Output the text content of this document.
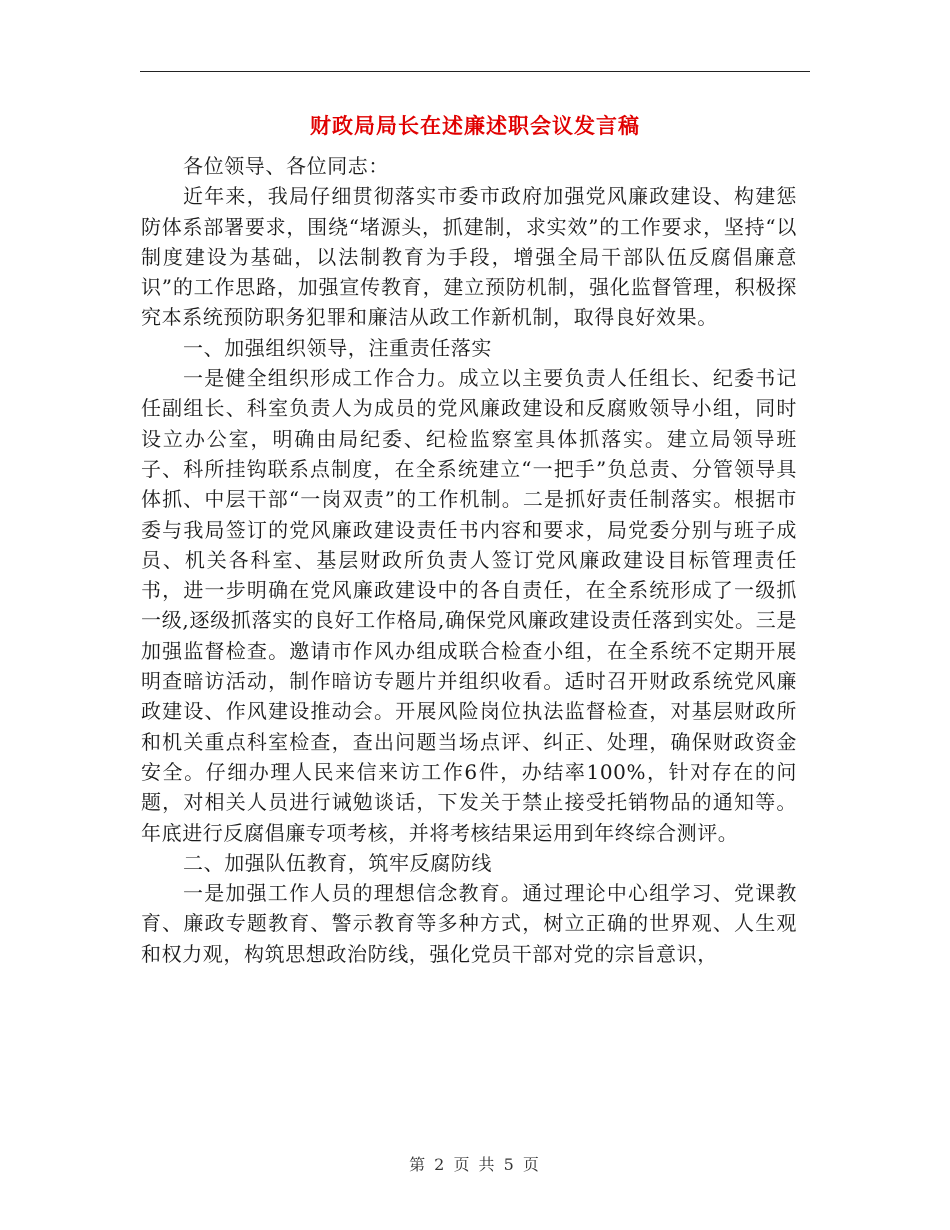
财政局局长在述廉述职会议发言稿

各位领导、各位同志：

近年来，我局仔细贯彻落实市委市政府加强党风廉政建设、构建惩防体系部署要求，围绕“堵源头，抓建制，求实效”的工作要求，坚持“以制度建设为基础，以法制教育为手段，增强全局干部队伍反腐倡廉意识”的工作思路，加强宣传教育，建立预防机制，强化监督管理，积极探究本系统预防职务犯罪和廉洁从政工作新机制，取得良好效果。

一、加强组织领导，注重责任落实

一是健全组织形成工作合力。成立以主要负责人任组长、纪委书记任副组长、科室负责人为成员的党风廉政建设和反腐败领导小组，同时设立办公室，明确由局纪委、纪检监察室具体抓落实。建立局领导班子、科所挂钩联系点制度，在全系统建立“一把手”负总责、分管领导具体抓、中层干部“一岗双责”的工作机制。二是抓好责任制落实。根据市委与我局签订的党风廉政建设责任书内容和要求，局党委分别与班子成员、机关各科室、基层财政所负责人签订党风廉政建设目标管理责任书，进一步明确在党风廉政建设中的各自责任，在全系统形成了一级抓一级,逐级抓落实的良好工作格局,确保党风廉政建设责任落到实处。三是加强监督检查。邀请市作风办组成联合检查小组，在全系统不定期开展明查暗访活动，制作暗访专题片并组织收看。适时召开财政系统党风廉政建设、作风建设推动会。开展风险岗位执法监督检查，对基层财政所和机关重点科室检查，查出问题当场点评、纠正、处理，确保财政资金安全。仔细办理人民来信来访工作6件，办结率100%，针对存在的问题，对相关人员进行诫勉谈话，下发关于禁止接受托销物品的通知等。年底进行反腐倡廉专项考核，并将考核结果运用到年终综合测评。

二、加强队伍教育，筑牢反腐防线

一是加强工作人员的理想信念教育。通过理论中心组学习、党课教育、廉政专题教育、警示教育等多种方式，树立正确的世界观、人生观和权力观，构筑思想政治防线，强化党员干部对党的宗旨意识，

第 2 页 共 5 页
